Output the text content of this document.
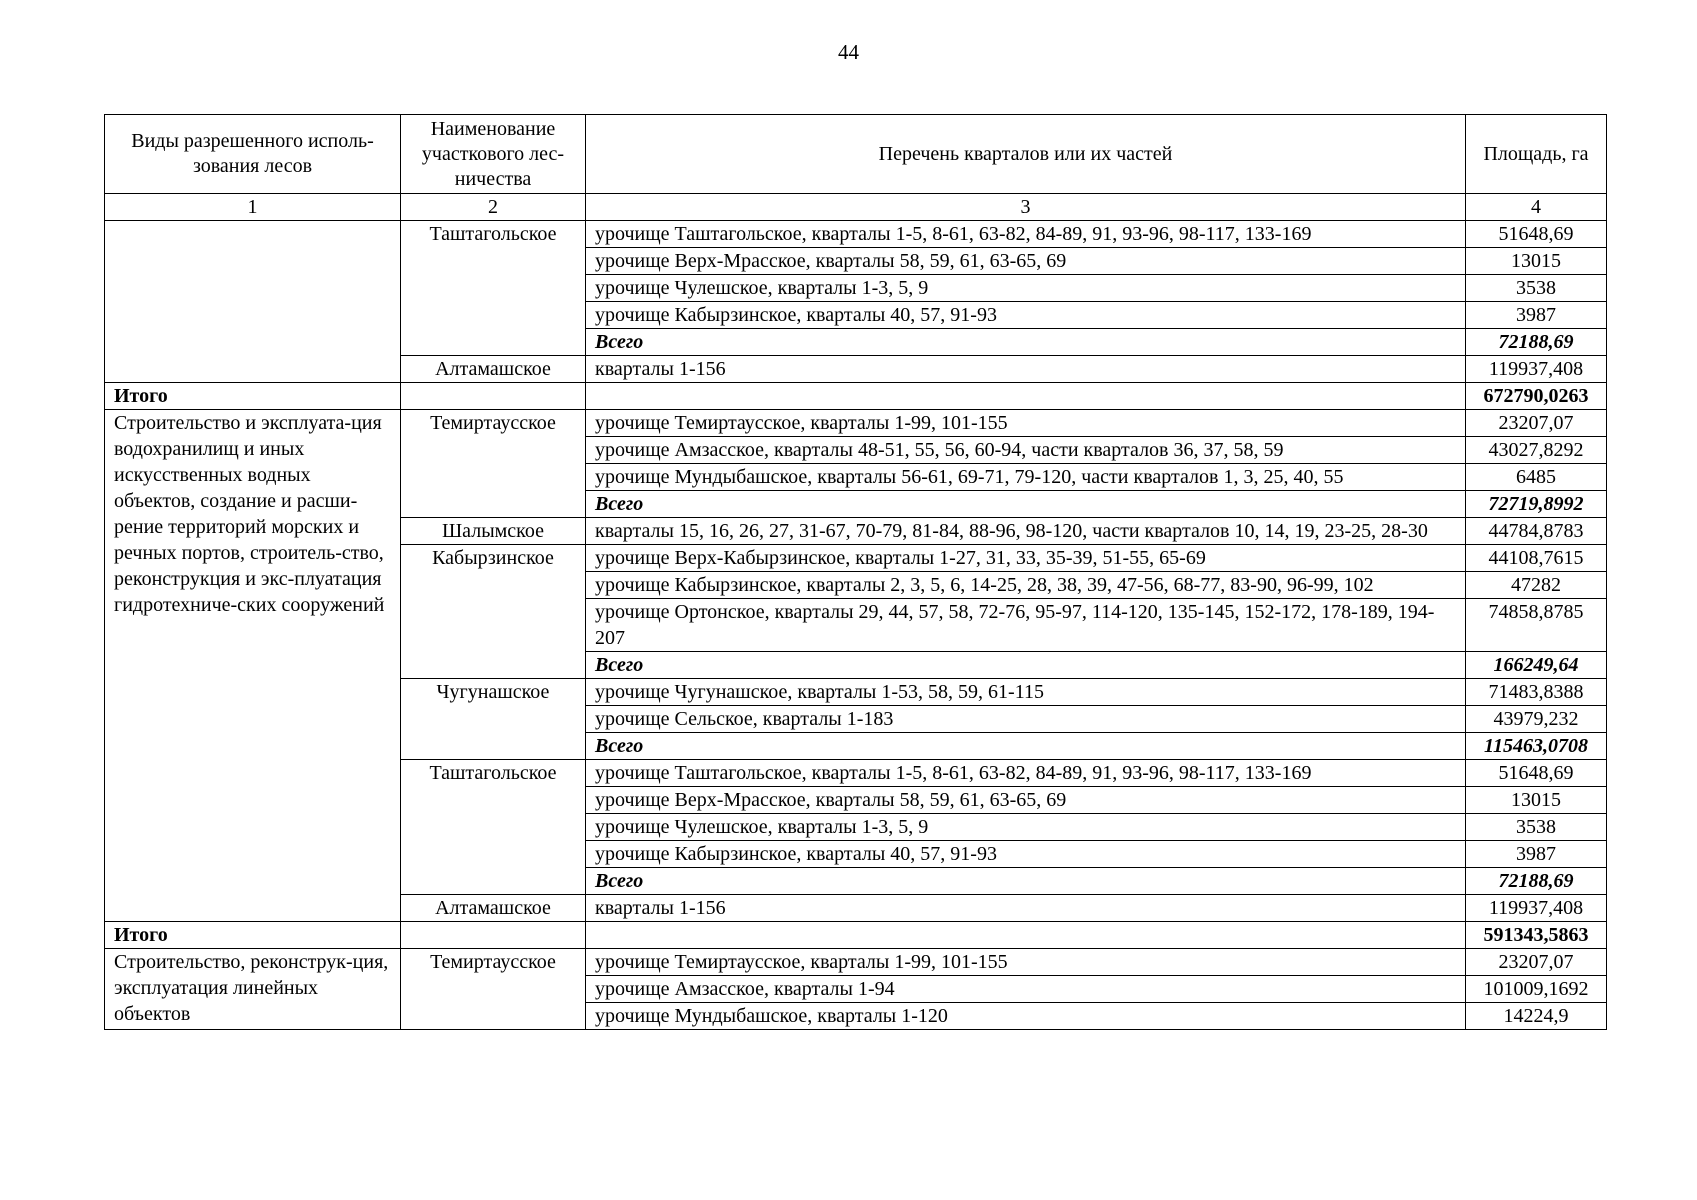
44
Виды разрешенного исполь-зования лесов	Наименование участкового лес-ничества	Перечень кварталов или их частей	Площадь, га
1	2	3	4
	Таштагольское	урочище Таштагольское, кварталы 1-5, 8-61, 63-82, 84-89, 91, 93-96, 98-117, 133-169	51648,69
		урочище Верх-Мрасское, кварталы 58, 59, 61, 63-65, 69	13015
		урочище Чулешское, кварталы 1-3, 5, 9	3538
		урочище Кабырзинское, кварталы 40, 57, 91-93	3987
		Всего	72188,69
	Алтамашское	кварталы 1-156	119937,408
Итого			672790,0263
Строительство и эксплуата-ция водохранилищ и иных искусственных водных объектов, создание и расши-рение территорий морских и речных портов, строитель-ство, реконструкция и экс-плуатация гидротехниче-ских сооружений	Темиртаусское	урочище Темиртаусское, кварталы 1-99, 101-155	23207,07
		урочище Амзасское, кварталы 48-51, 55, 56, 60-94, части кварталов 36, 37, 58, 59	43027,8292
		урочище Мундыбашское, кварталы 56-61, 69-71, 79-120, части кварталов 1, 3, 25, 40, 55	6485
		Всего	72719,8992
	Шалымское	кварталы 15, 16, 26, 27, 31-67, 70-79, 81-84, 88-96, 98-120, части кварталов 10, 14, 19, 23-25, 28-30	44784,8783
	Кабырзинское	урочище Верх-Кабырзинское, кварталы 1-27, 31, 33, 35-39, 51-55, 65-69	44108,7615
		урочище Кабырзинское, кварталы 2, 3, 5, 6, 14-25, 28, 38, 39, 47-56, 68-77, 83-90, 96-99, 102	47282
		урочище Ортонское, кварталы 29, 44, 57, 58, 72-76, 95-97, 114-120, 135-145, 152-172, 178-189, 194-207	74858,8785
		Всего	166249,64
	Чугунашское	урочище Чугунашское, кварталы 1-53, 58, 59, 61-115	71483,8388
		урочище Сельское, кварталы 1-183	43979,232
		Всего	115463,0708
	Таштагольское	урочище Таштагольское, кварталы 1-5, 8-61, 63-82, 84-89, 91, 93-96, 98-117, 133-169	51648,69
		урочище Верх-Мрасское, кварталы 58, 59, 61, 63-65, 69	13015
		урочище Чулешское, кварталы 1-3, 5, 9	3538
		урочище Кабырзинское, кварталы 40, 57, 91-93	3987
		Всего	72188,69
	Алтамашское	кварталы 1-156	119937,408
Итого			591343,5863
Строительство, реконструк-ция, эксплуатация линейных объектов	Темиртаусское	урочище Темиртаусское, кварталы 1-99, 101-155	23207,07
		урочище Амзасское, кварталы 1-94	101009,1692
		урочище Мундыбашское, кварталы 1-120	14224,9
